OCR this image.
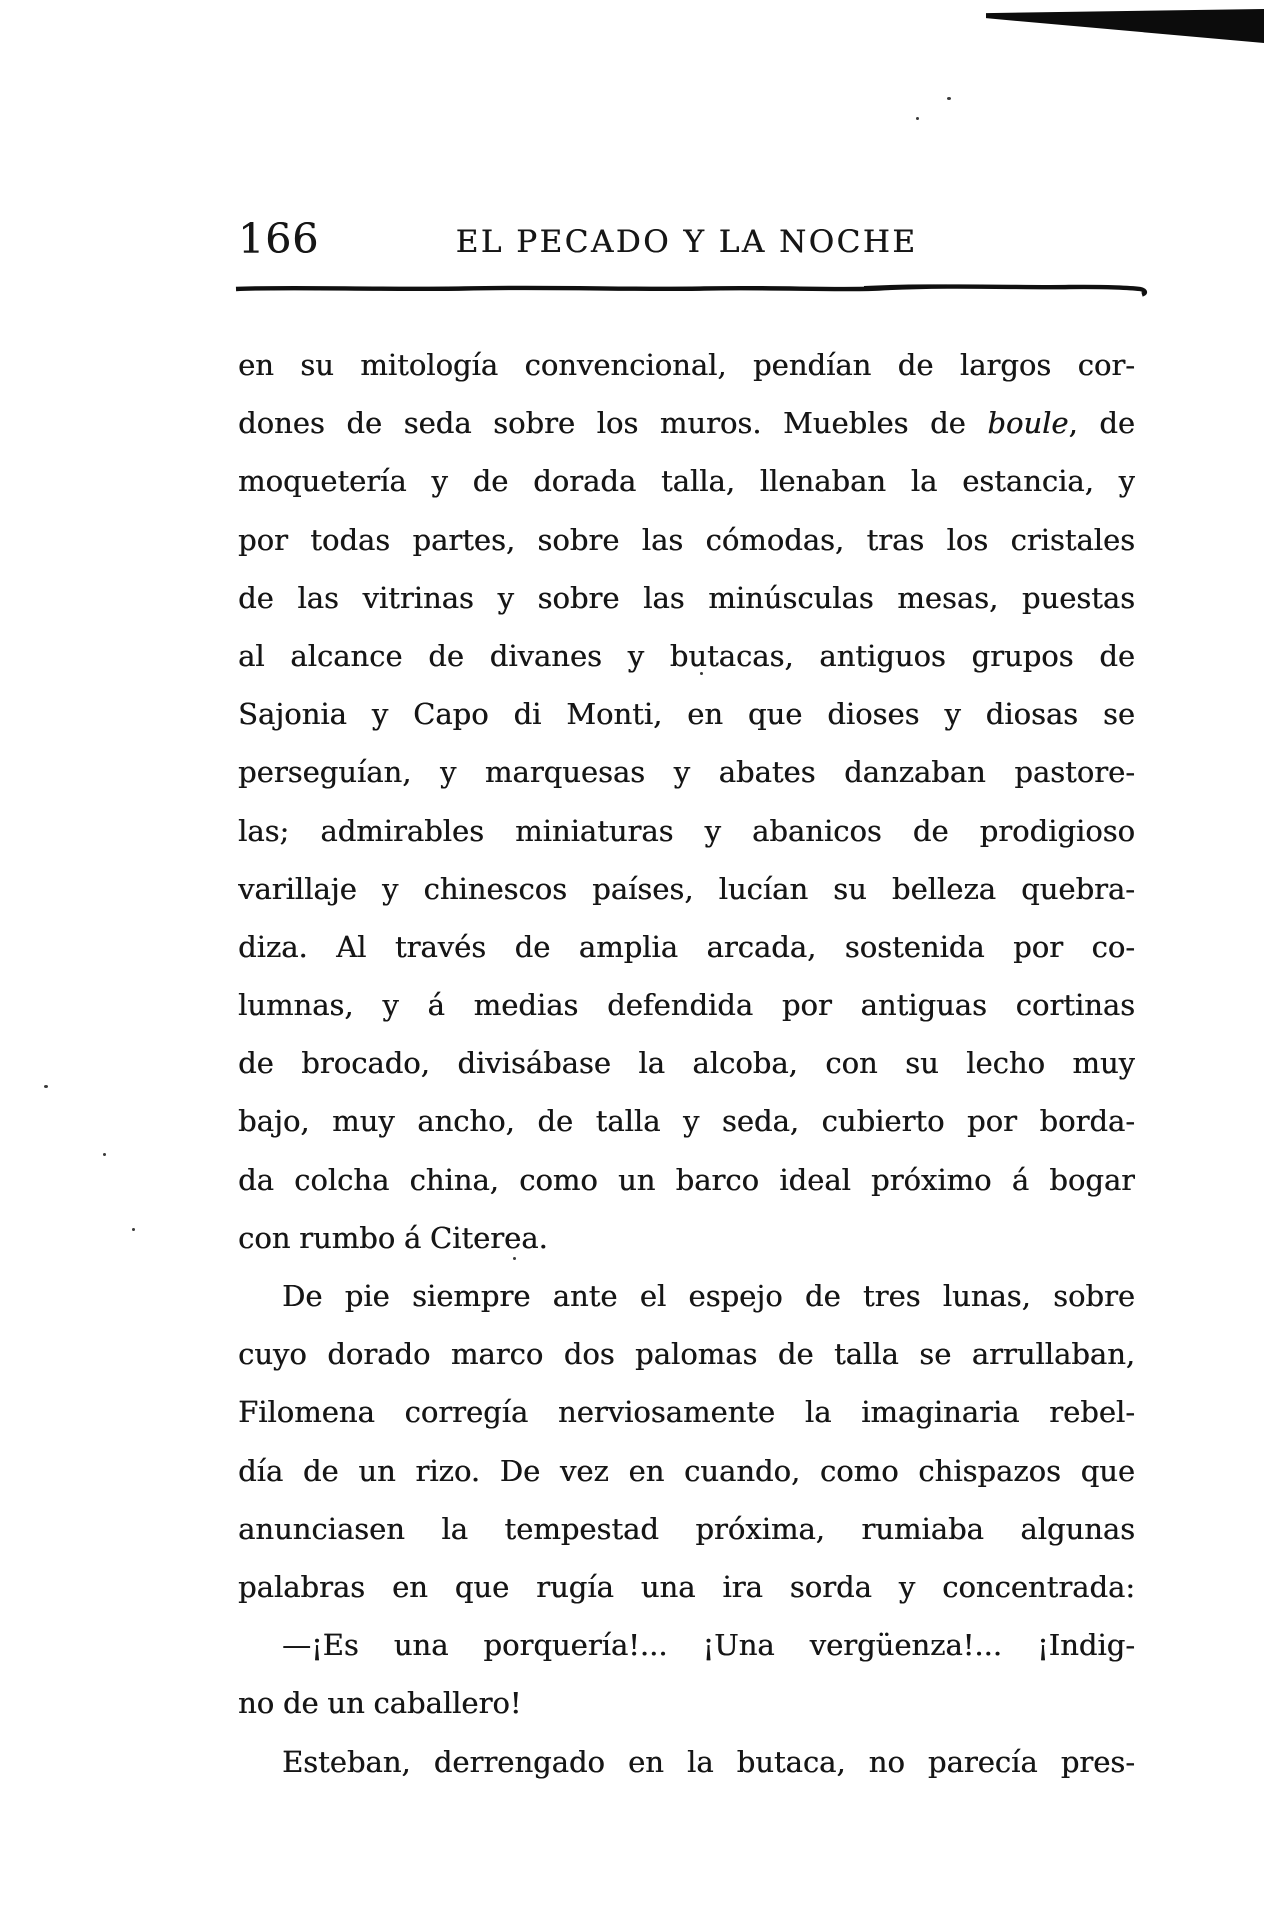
166	EL PECADO Y LA NOCHE
en su mitología convencional, pendían de largos cor-
dones de seda sobre los muros. Muebles de boule, de
moquetería y de dorada talla, llenaban la estancia, y
por todas partes, sobre las cómodas, tras los cristales
de las vitrinas y sobre las minúsculas mesas, puestas
al alcance de divanes y butacas, antiguos grupos de
Sajonia y Capo di Monti, en que dioses y diosas se
perseguían, y marquesas y abates danzaban pastore-
las; admirables miniaturas y abanicos de prodigioso
varillaje y chinescos países, lucían su belleza quebra-
diza. Al través de amplia arcada, sostenida por co-
lumnas, y á medias defendida por antiguas cortinas
de brocado, divisábase la alcoba, con su lecho muy
bajo, muy ancho, de talla y seda, cubierto por borda-
da colcha china, como un barco ideal próximo á bogar
con rumbo á Citerea.
De pie siempre ante el espejo de tres lunas, sobre
cuyo dorado marco dos palomas de talla se arrullaban,
Filomena corregía nerviosamente la imaginaria rebel-
día de un rizo. De vez en cuando, como chispazos que
anunciasen la tempestad próxima, rumiaba algunas
palabras en que rugía una ira sorda y concentrada:
—¡Es una porquería!... ¡Una vergüenza!... ¡Indig-
no de un caballero!
Esteban, derrengado en la butaca, no parecía pres-
